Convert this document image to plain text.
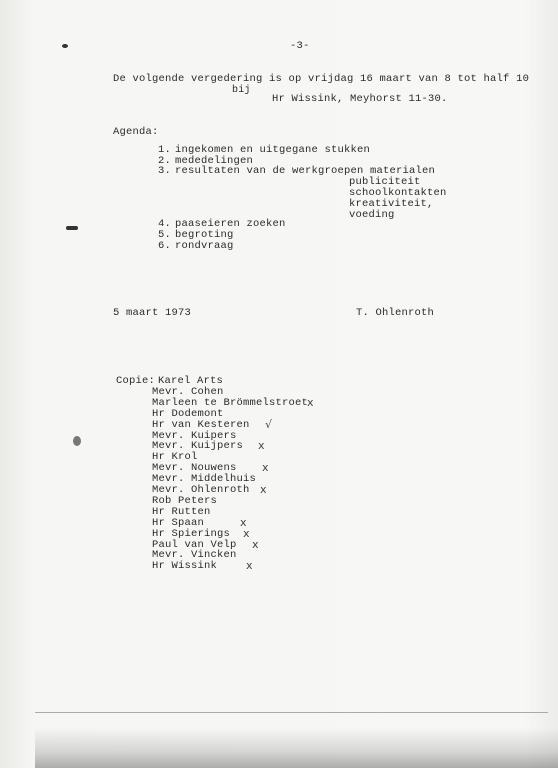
-3-
De volgende vergedering is op vrijdag 16 maart van 8 tot half 10
bij
Hr Wissink, Meyhorst 11-30.
Agenda:
1. ingekomen en uitgegane stukken
2. mededelingen
3. resultaten van de werkgroepen materialen
publiciteit
schoolkontakten
kreativiteit,
voeding
4. paaseieren zoeken
5. begroting
6. rondvraag
5 maart 1973	T. Ohlenroth
Copie: Karel Arts
Mevr. Cohen
Marleen te Brömmelstroet
x
Hr Dodemont
Hr van Kesteren √
Mevr. Kuipers
Mevr. Kuijpers x
Hr Krol
Mevr. Nouwens x
Mevr. Middelhuis
Mevr. Ohlenroth x
Rob Peters
Hr Rutten
Hr Spaan	x
Hr Spierings x
Paul van Velp x
Mevr. Vincken
Hr Wissink	x
